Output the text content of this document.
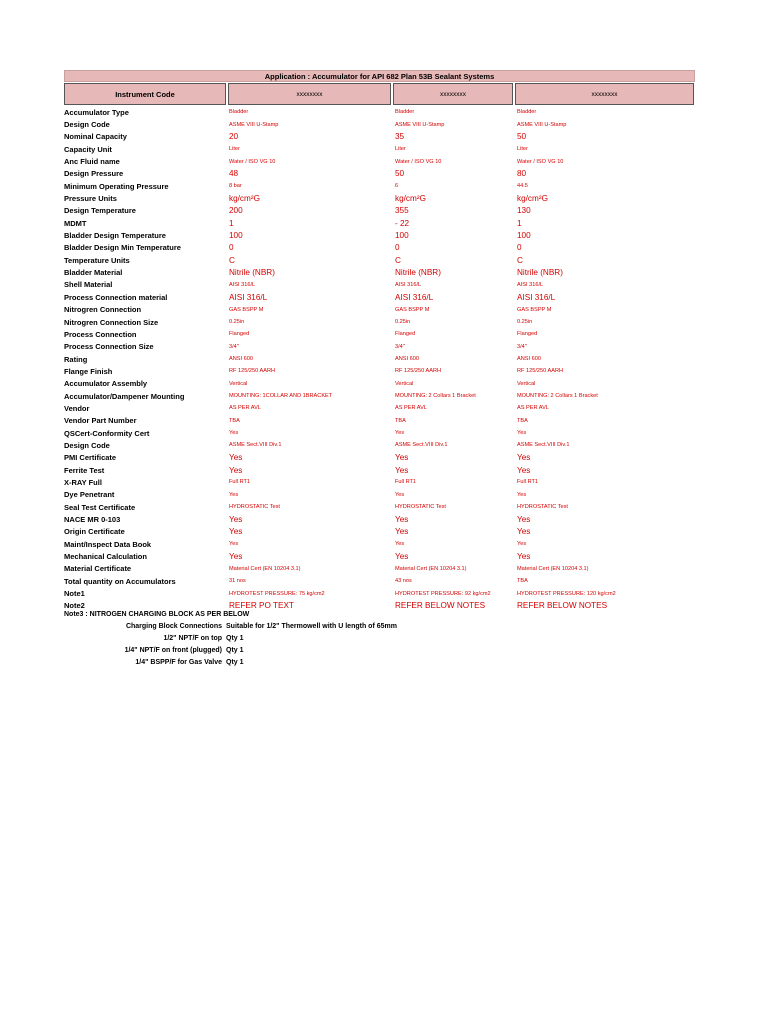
Application : Accumulator for API 682 Plan 53B Sealant Systems
Instrument Code	xxxxxxxx	xxxxxxxx	xxxxxxxx
Accumulator Type	Bladder	Bladder	Bladder
Design Code	ASME VIII U-Stamp	ASME VIII U-Stamp	ASME VIII U-Stamp
Nominal Capacity	20	35	50
Capacity Unit	Liter	Liter	Liter
Anc Fluid name	Water / ISO VG 10	Water / ISO VG 10	Water / ISO VG 10
Design Pressure	48	50	80
Minimum Operating Pressure	8 bar	6	44.5
Pressure Units	kg/cm²G	kg/cm²G	kg/cm²G
Design Temperature	200	355	130
MDMT	1	- 22	1
Bladder Design Temperature	100	100	100
Bladder Design Min Temperature	0	0	0
Temperature Units	C	C	C
Bladder Material	Nitrile (NBR)	Nitrile (NBR)	Nitrile (NBR)
Shell Material	AISI 316/L	AISI 316/L	AISI 316/L
Process Connection material	AISI 316/L	AISI 316/L	AISI 316/L
Nitrogren Connection	GAS BSPP M	GAS BSPP M	GAS BSPP M
Nitrogren Connection Size	0.25in	0.25in	0.25in
Process Connection	Flanged	Flanged	Flanged
Process Connection Size	3/4"	3/4"	3/4"
Rating	ANSI 600	ANSI 600	ANSI 600
Flange Finish	RF 125/250 AARH	RF 125/250 AARH	RF 125/250 AARH
Accumulator Assembly	Vertical	Vertical	Vertical
Accumulator/Dampener Mounting	MOUNTING: 1COLLAR AND 1BRACKET	MOUNTING: 2 Collars 1 Bracket	MOUNTING: 2 Collars 1 Bracket
Vendor	AS PER AVL	AS PER AVL	AS PER AVL
Vendor Part Number	TBA	TBA	TBA
QSCert-Conformity Cert	Yes	Yes	Yes
Design Code	ASME Sect.VIII Div.1	ASME Sect.VIII Div.1	ASME Sect.VIII Div.1
PMI Certificate	Yes	Yes	Yes
Ferrite Test	Yes	Yes	Yes
X-RAY Full	Full RT1	Full RT1	Full RT1
Dye Penetrant	Yes	Yes	Yes
Seal Test Certificate	HYDROSTATIC Test	HYDROSTATIC Test	HYDROSTATIC Test
NACE MR 0-103	Yes	Yes	Yes
Origin Certificate	Yes	Yes	Yes
Maint/Inspect Data Book	Yes	Yes	Yes
Mechanical Calculation	Yes	Yes	Yes
Material Certificate	Material Cert (EN 10204 3.1)	Material Cert (EN 10204 3.1)	Material Cert (EN 10204 3.1)
Total quantity on Accumulators	31 nos	43 nos	TBA
Note1	HYDROTEST PRESSURE: 75 kg/cm2	HYDROTEST PRESSURE: 92 kg/cm2	HYDROTEST PRESSURE: 120 kg/cm2
Note2	REFER PO TEXT	REFER BELOW NOTES	REFER BELOW NOTES
Note3 : NITROGEN CHARGING BLOCK AS PER BELOW
Charging Block Connections Suitable for 1/2" Thermowell with U length of 65mm
1/2" NPT/F on top Qty 1
1/4" NPT/F on front (plugged) Qty 1
1/4" BSPP/F for Gas Valve Qty 1
